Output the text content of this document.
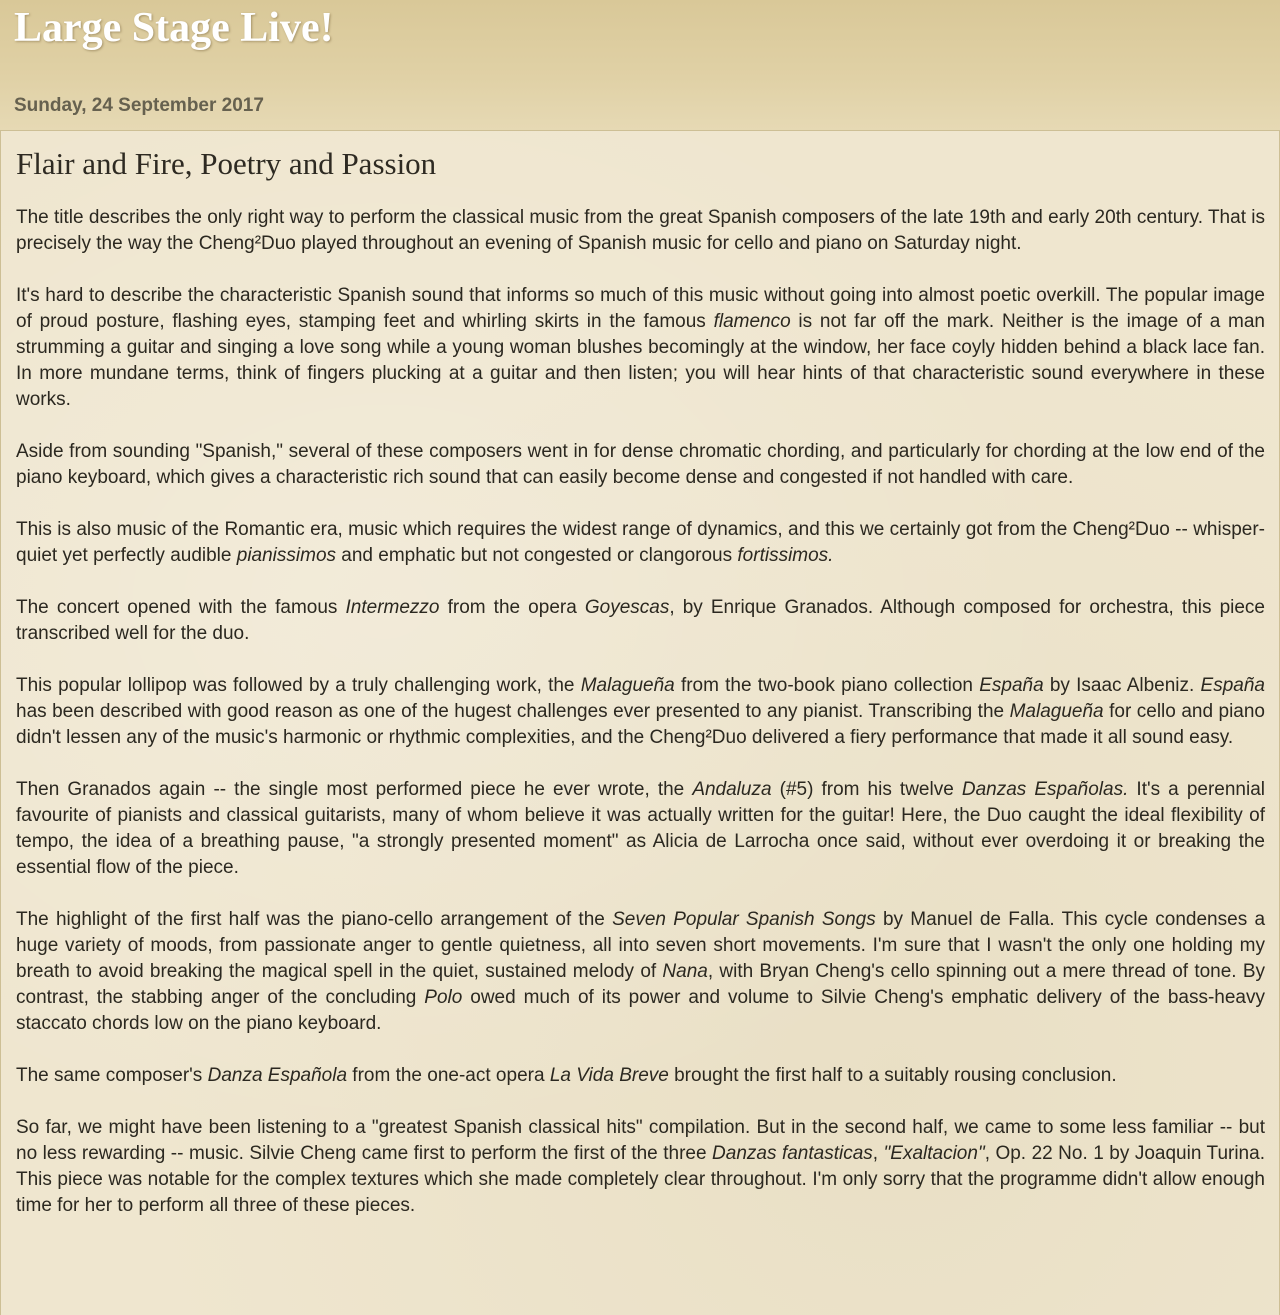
Large Stage Live!
Sunday, 24 September 2017
Flair and Fire, Poetry and Passion

The title describes the only right way to perform the classical music from the great Spanish composers of the late 19th and early 20th century. That is precisely the way the Cheng²Duo played throughout an evening of Spanish music for cello and piano on Saturday night.

It's hard to describe the characteristic Spanish sound that informs so much of this music without going into almost poetic overkill. The popular image of proud posture, flashing eyes, stamping feet and whirling skirts in the famous flamenco is not far off the mark. Neither is the image of a man strumming a guitar and singing a love song while a young woman blushes becomingly at the window, her face coyly hidden behind a black lace fan. In more mundane terms, think of fingers plucking at a guitar and then listen; you will hear hints of that characteristic sound everywhere in these works.

Aside from sounding "Spanish," several of these composers went in for dense chromatic chording, and particularly for chording at the low end of the piano keyboard, which gives a characteristic rich sound that can easily become dense and congested if not handled with care.

This is also music of the Romantic era, music which requires the widest range of dynamics, and this we certainly got from the Cheng²Duo -- whisper-quiet yet perfectly audible pianissimos and emphatic but not congested or clangorous fortissimos.

The concert opened with the famous Intermezzo from the opera Goyescas, by Enrique Granados. Although composed for orchestra, this piece transcribed well for the duo.

This popular lollipop was followed by a truly challenging work, the Malagueña from the two-book piano collection España by Isaac Albeniz. España has been described with good reason as one of the hugest challenges ever presented to any pianist. Transcribing the Malagueña for cello and piano didn't lessen any of the music's harmonic or rhythmic complexities, and the Cheng²Duo delivered a fiery performance that made it all sound easy.

Then Granados again -- the single most performed piece he ever wrote, the Andaluza (#5) from his twelve Danzas Españolas. It's a perennial favourite of pianists and classical guitarists, many of whom believe it was actually written for the guitar! Here, the Duo caught the ideal flexibility of tempo, the idea of a breathing pause, "a strongly presented moment" as Alicia de Larrocha once said, without ever overdoing it or breaking the essential flow of the piece.

The highlight of the first half was the piano-cello arrangement of the Seven Popular Spanish Songs by Manuel de Falla. This cycle condenses a huge variety of moods, from passionate anger to gentle quietness, all into seven short movements. I'm sure that I wasn't the only one holding my breath to avoid breaking the magical spell in the quiet, sustained melody of Nana, with Bryan Cheng's cello spinning out a mere thread of tone. By contrast, the stabbing anger of the concluding Polo owed much of its power and volume to Silvie Cheng's emphatic delivery of the bass-heavy staccato chords low on the piano keyboard.

The same composer's Danza Española from the one-act opera La Vida Breve brought the first half to a suitably rousing conclusion.

So far, we might have been listening to a "greatest Spanish classical hits" compilation. But in the second half, we came to some less familiar -- but no less rewarding -- music. Silvie Cheng came first to perform the first of the three Danzas fantasticas, "Exaltacion", Op. 22 No. 1 by Joaquin Turina. This piece was notable for the complex textures which she made completely clear throughout. I'm only sorry that the programme didn't allow enough time for her to perform all three of these pieces.
